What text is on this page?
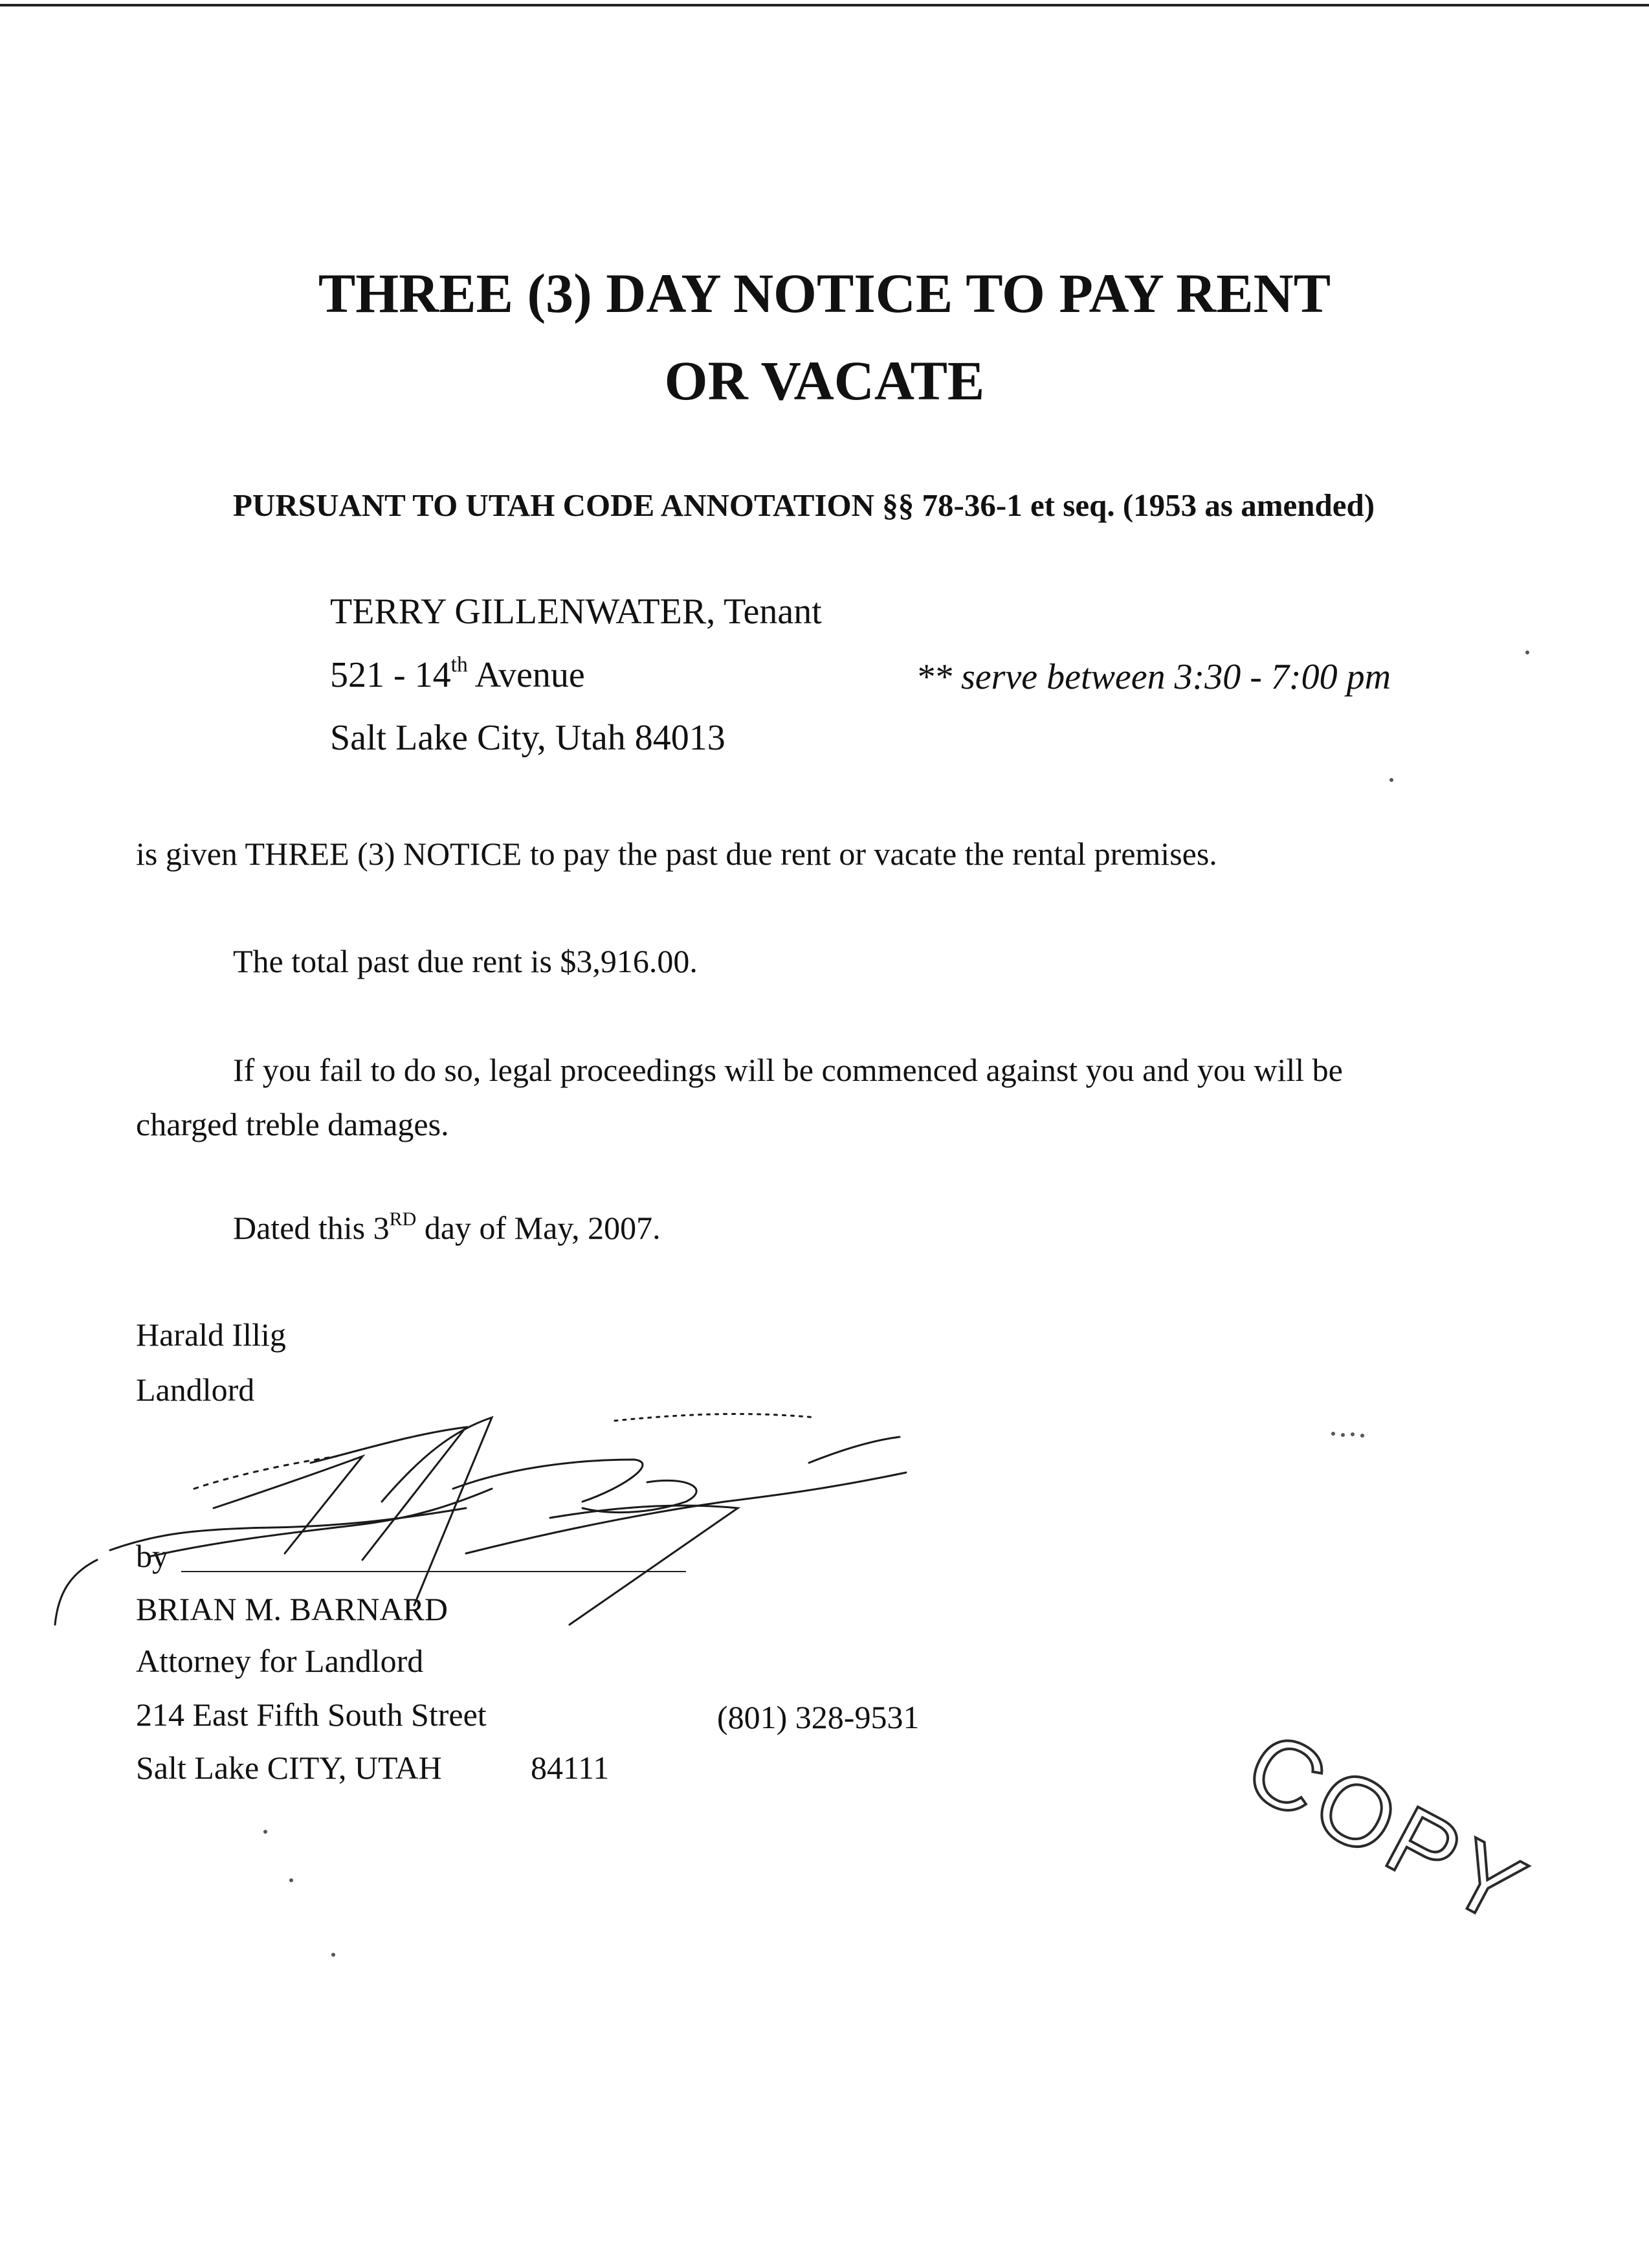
THREE (3) DAY NOTICE TO PAY RENT
OR VACATE
PURSUANT TO UTAH CODE ANNOTATION §§ 78-36-1 et seq. (1953 as amended)
TERRY GILLENWATER, Tenant
521 - 14th Avenue
Salt Lake City, Utah 84013
** serve between 3:30 - 7:00 pm
is given THREE (3) NOTICE to pay the past due rent or vacate the rental premises.
The total past due rent is $3,916.00.
If you fail to do so, legal proceedings will be commenced against you and you will be
charged treble damages.
Dated this 3RD day of May, 2007.
Harald Illig
Landlord
by
BRIAN M. BARNARD
Attorney for Landlord
214 East Fifth South Street	(801) 328-9531
Salt Lake CITY, UTAH	84111	COPY
